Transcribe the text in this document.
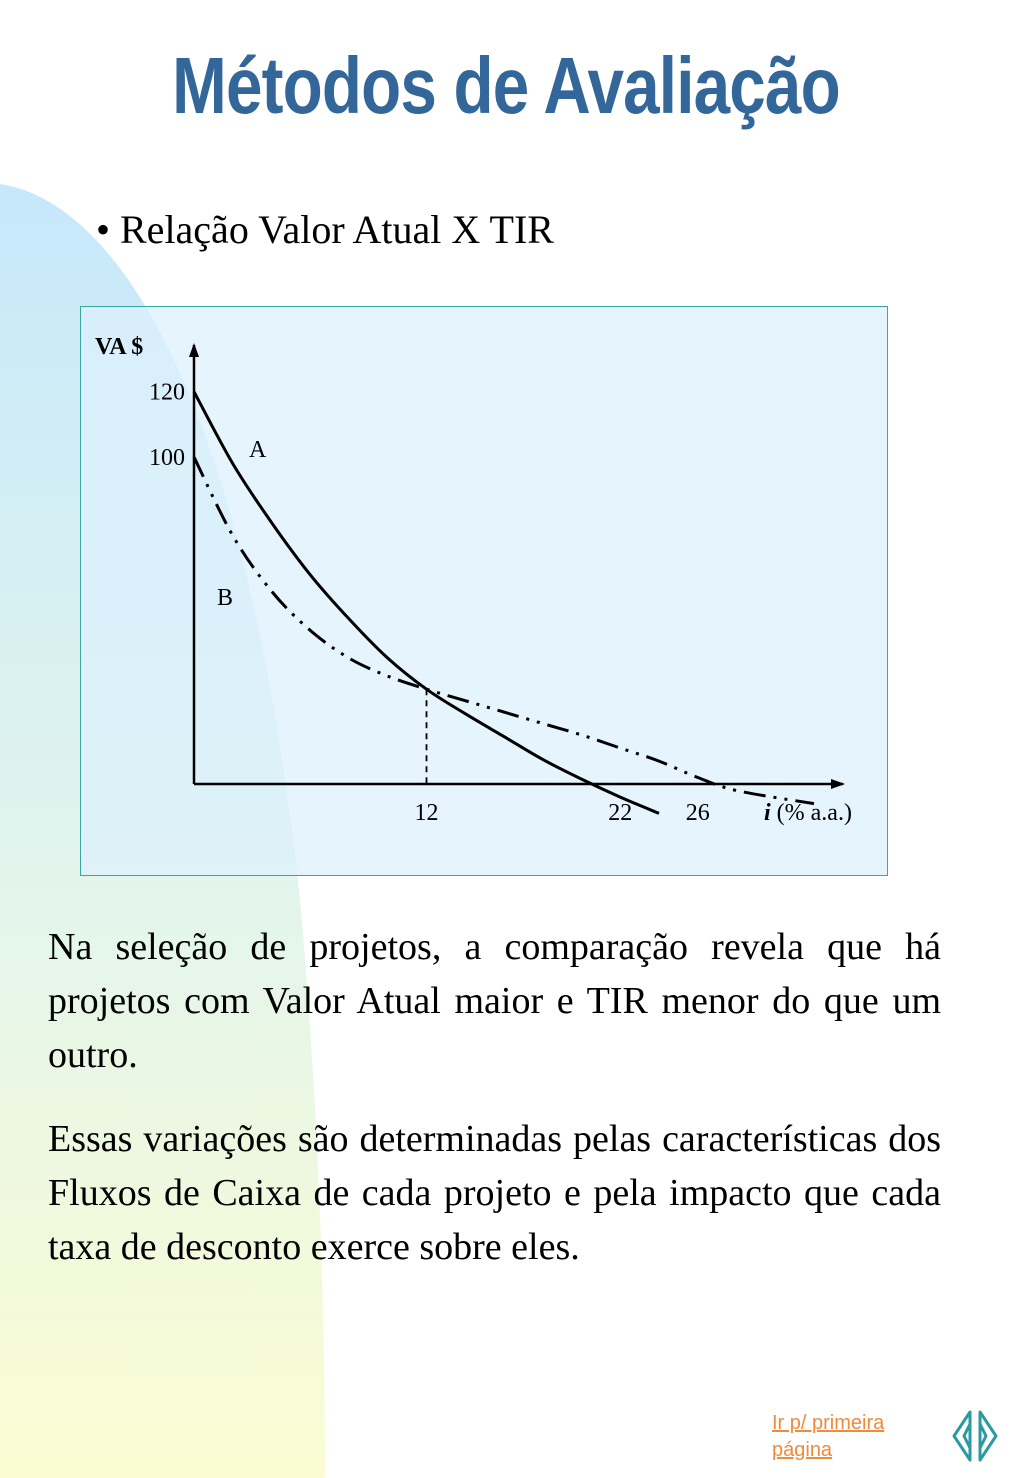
Métodos de Avaliação
• Relação Valor Atual X TIR
VA $
i (% a.a.)
12	22 26
120
100	A
B

Na seleção de projetos, a comparação revela que há projetos com Valor Atual maior e TIR menor do que um outro.

Essas variações são determinadas pelas características dos Fluxos de Caixa de cada projeto e pela impacto que cada taxa de desconto exerce sobre eles.

Ir p/ primeira página
